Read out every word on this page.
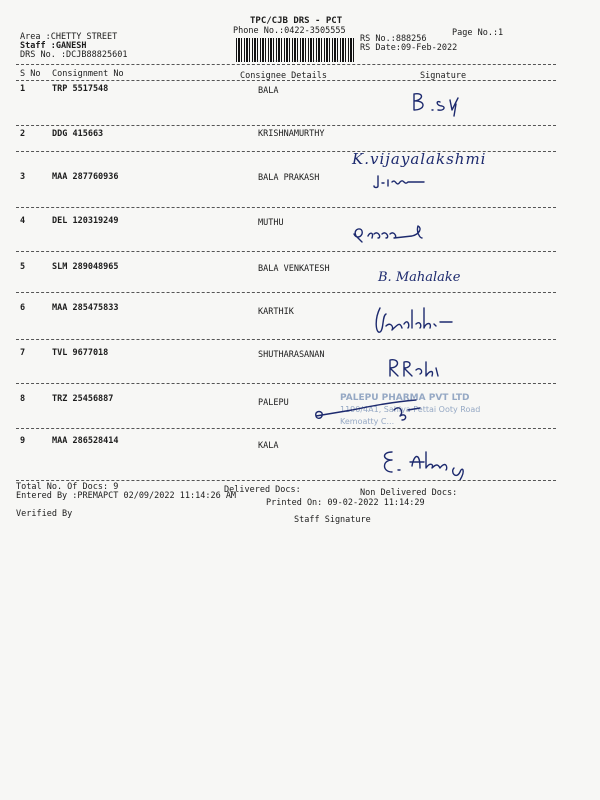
TPC/CJB DRS - PCT
Phone No.:0422-3505555	Page No.:1
Area :CHETTY STREET
Staff :GANESH
DRS No. :DCJB88825601
RS No.:888256
RS Date:09-Feb-2022
S No Consignment No	Consignee Details	Signature
1	TRP 5517548	BALA
2	DDG 415663	KRISHNAMURTHY
K.vijayalakshmi
3	MAA 287760936	BALA PRAKASH
4	DEL 120319249	MUTHU
5	SLM 289048965	BALA VENKATESH
B. Mahalake
6	MAA 285475833	KARTHIK
7	TVL 9677018	SHUTHARASANAN
8	TRZ 25456887	PALEPU	PALEPU PHARMA PVT LTD
1190/4A1, Sahiya Pettai Ooty Road
Kemoatty C...
9	MAA 286528414	KALA
Total No. Of Docs: 9	Delivered Docs:	Non Delivered Docs:
Entered By :PREMAPCT 02/09/2022 11:14:26 AM
Printed On: 09-02-2022 11:14:29
Verified By
Staff Signature
